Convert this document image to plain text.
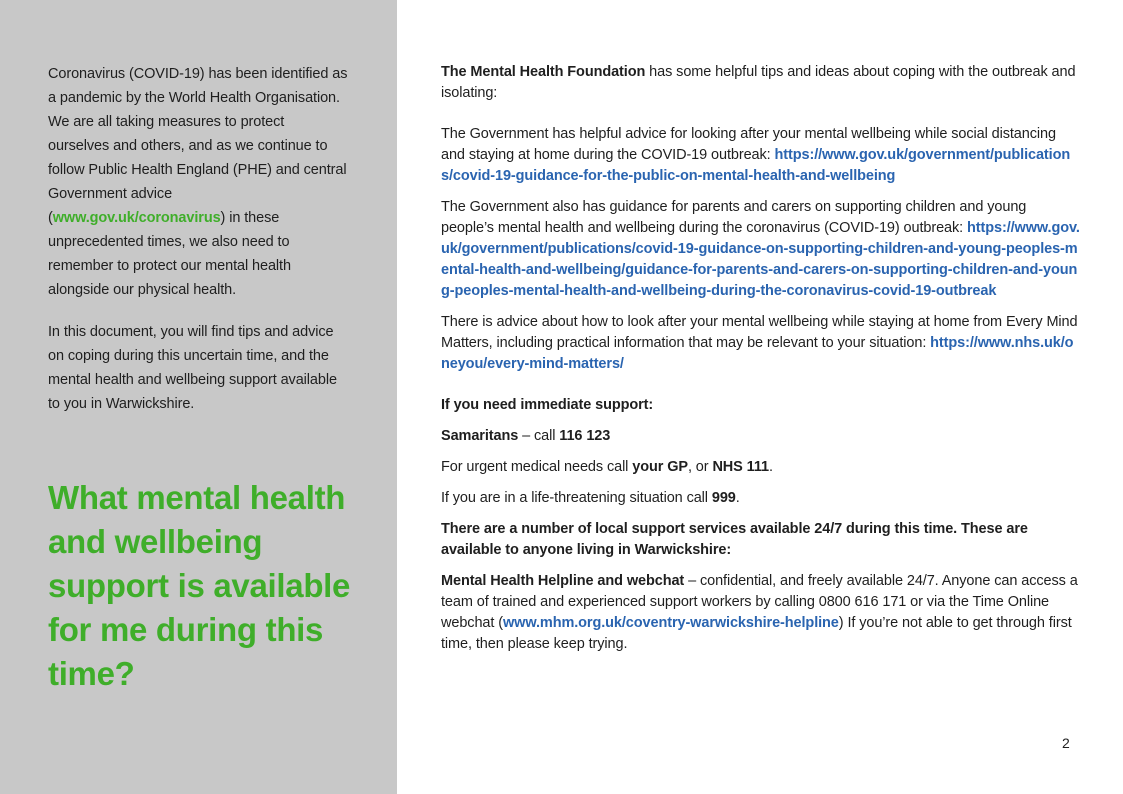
Coronavirus (COVID-19) has been identified as a pandemic by the World Health Organisation. We are all taking measures to protect ourselves and others, and as we continue to follow Public Health England (PHE) and central Government advice (www.gov.uk/coronavirus) in these unprecedented times, we also need to remember to protect our mental health alongside our physical health.

In this document, you will find tips and advice on coping during this uncertain time, and the mental health and wellbeing support available to you in Warwickshire.

What mental health and wellbeing support is available for me during this time?

The Mental Health Foundation has some helpful tips and ideas about coping with the outbreak and isolating:

The Government has helpful advice for looking after your mental wellbeing while social distancing and staying at home during the COVID-19 outbreak: https://www.gov.uk/government/publications/covid-19-guidance-for-the-public-on-mental-health-and-wellbeing

The Government also has guidance for parents and carers on supporting children and young people’s mental health and wellbeing during the coronavirus (COVID-19) outbreak: https://www.gov.uk/government/publications/covid-19-guidance-on-supporting-children-and-young-peoples-mental-health-and-wellbeing/guidance-for-parents-and-carers-on-supporting-children-and-young-peoples-mental-health-and-wellbeing-during-the-coronavirus-covid-19-outbreak

There is advice about how to look after your mental wellbeing while staying at home from Every Mind Matters, including practical information that may be relevant to your situation: https://www.nhs.uk/oneyou/every-mind-matters/

If you need immediate support:

Samaritans – call 116 123

For urgent medical needs call your GP, or NHS 111.

If you are in a life-threatening situation call 999.

There are a number of local support services available 24/7 during this time. These are available to anyone living in Warwickshire:

Mental Health Helpline and webchat – confidential, and freely available 24/7. Anyone can access a team of trained and experienced support workers by calling 0800 616 171 or via the Time Online webchat (www.mhm.org.uk/coventry-warwickshire-helpline) If you’re not able to get through first time, then please keep trying.

2
